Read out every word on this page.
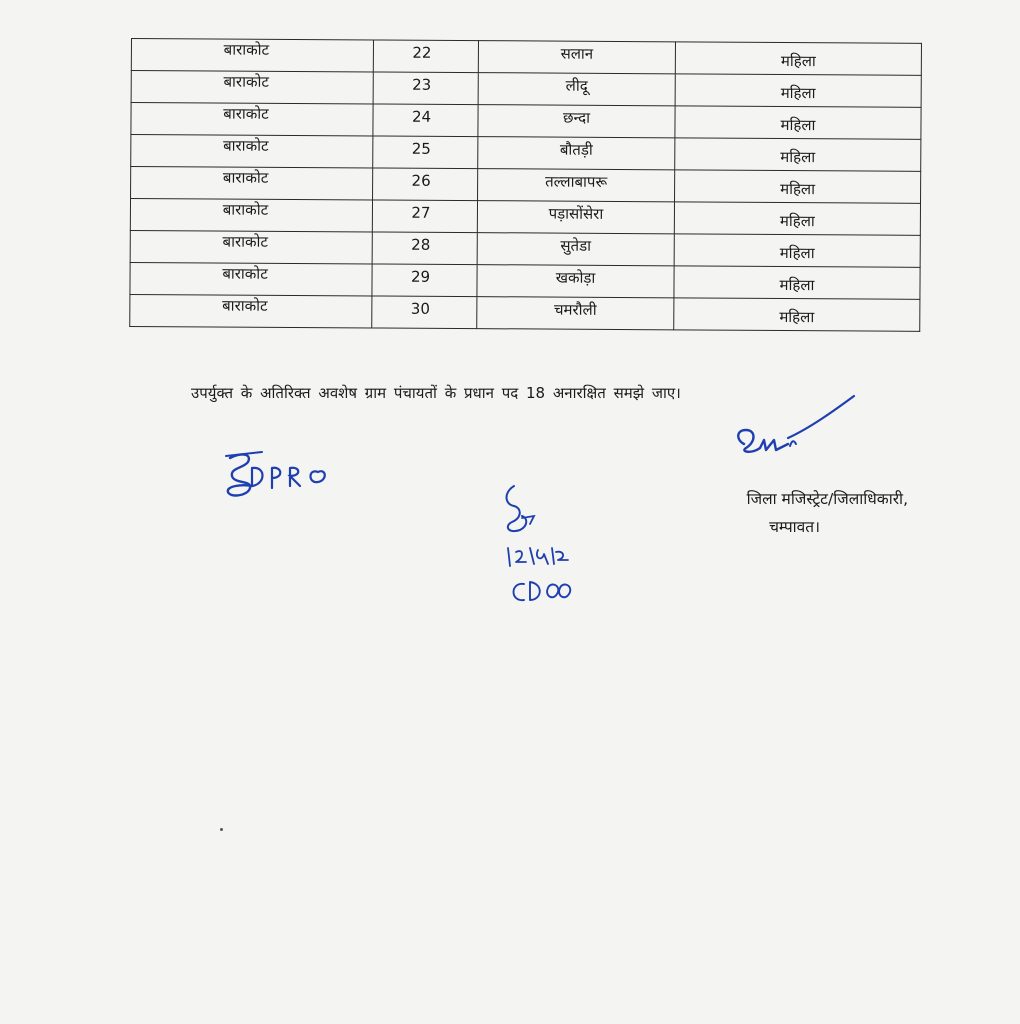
बाराकोट	22	सलान	महिला
बाराकोट	23	लीदू	महिला
बाराकोट	24	छन्दा	महिला
बाराकोट	25	बौतड़ी	महिला
बाराकोट	26	तल्लाबापरू	महिला
बाराकोट	27	पड़ासोंसेरा	महिला
बाराकोट	28	सुतेडा	महिला
बाराकोट	29	खकोड़ा	महिला
बाराकोट	30	चमरौली	महिला
उपर्युक्त के अतिरिक्त अवशेष ग्राम पंचायतों के प्रधान पद 18 अनारक्षित समझे जाए।
जिला मजिस्ट्रेट/जिलाधिकारी,
चम्पावत।
